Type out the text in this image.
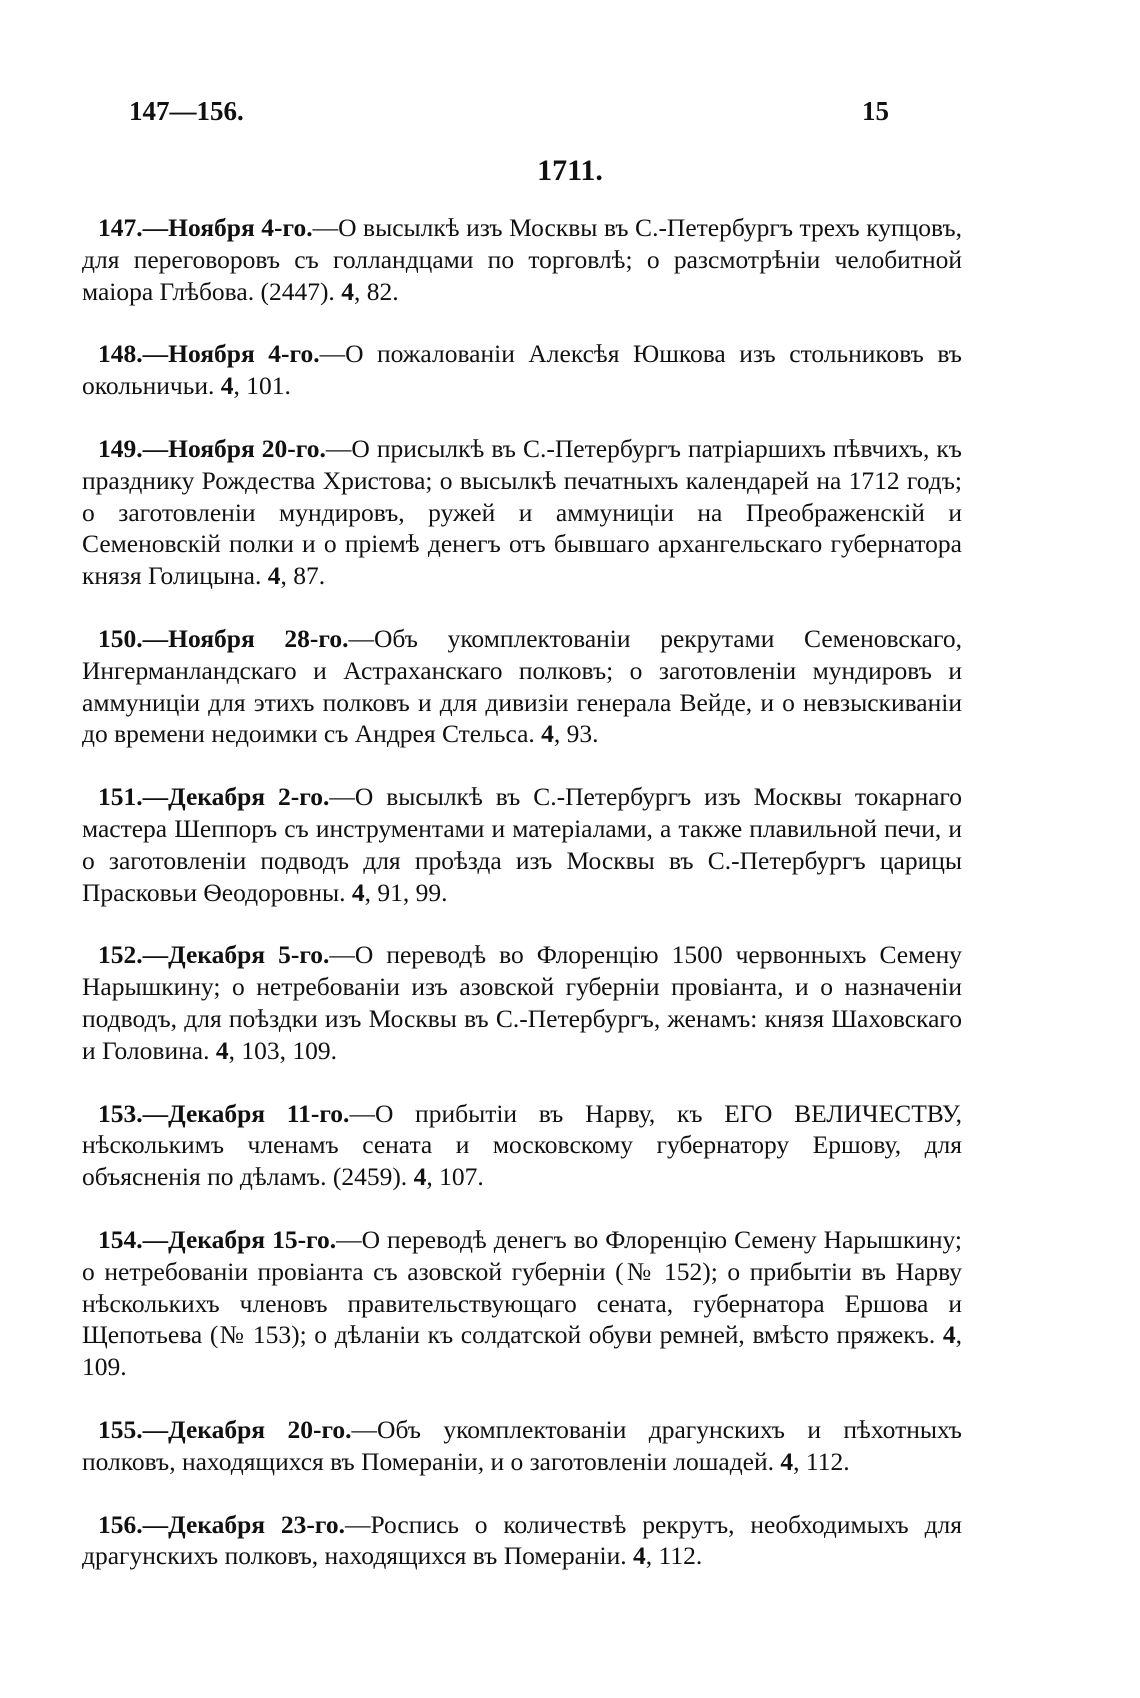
147—156.	15
1711.

147.—Ноября 4-го.—О высылкѣ изъ Москвы въ С.-Петербургъ трехъ купцовъ, для переговоровъ съ голландцами по торговлѣ; о разсмотрѣніи челобитной маіора Глѣбова. (2447). 4, 82.

148.—Ноября 4-го.—О пожалованіи Алексѣя Юшкова изъ стольниковъ въ окольничьи. 4, 101.

149.—Ноября 20-го.—О присылкѣ въ С.-Петербургъ патріаршихъ пѣвчихъ, къ празднику Рождества Христова; о высылкѣ печатныхъ календарей на 1712 годъ; о заготовленіи мундировъ, ружей и аммуниціи на Преображенскій и Семеновскій полки и о пріемѣ денегъ отъ бывшаго архангельскаго губернатора князя Голицына. 4, 87.

150.—Ноября 28-го.—Объ укомплектованіи рекрутами Семеновскаго, Ингерманландскаго и Астраханскаго полковъ; о заготовленіи мундировъ и аммуниціи для этихъ полковъ и для дивизіи генерала Вейде, и о невзыскиваніи до времени недоимки съ Андрея Стельса. 4, 93.

151.—Декабря 2-го.—О высылкѣ въ С.-Петербургъ изъ Москвы токарнаго мастера Шеппоръ съ инструментами и матеріалами, а также плавильной печи, и о заготовленіи подводъ для проѣзда изъ Москвы въ С.-Петербургъ царицы Прасковьи Ѳеодоровны. 4, 91, 99.

152.—Декабря 5-го.—О переводѣ во Флоренцію 1500 червонныхъ Семену Нарышкину; о нетребованіи изъ азовской губерніи провіанта, и о назначеніи подводъ, для поѣздки изъ Москвы въ С.-Петербургъ, женамъ: князя Шаховскаго и Головина. 4, 103, 109.

153.—Декабря 11-го.—О прибытіи въ Нарву, къ ЕГО ВЕЛИЧЕСТВУ, нѣсколькимъ членамъ сената и московскому губернатору Ершову, для объясненія по дѣламъ. (2459). 4, 107.

154.—Декабря 15-го.—О переводѣ денегъ во Флоренцію Семену Нарышкину; о нетребованіи провіанта съ азовской губерніи (№ 152); о прибытіи въ Нарву нѣсколькихъ членовъ правительствующаго сената, губернатора Ершова и Щепотьева (№ 153); о дѣланіи къ солдатской обуви ремней, вмѣсто пряжекъ. 4, 109.

155.—Декабря 20-го.—Объ укомплектованіи драгунскихъ и пѣхотныхъ полковъ, находящихся въ Помераніи, и о заготовленіи лошадей. 4, 112.

156.—Декабря 23-го.—Роспись о количествѣ рекрутъ, необходимыхъ для драгунскихъ полковъ, находящихся въ Помераніи. 4, 112.
